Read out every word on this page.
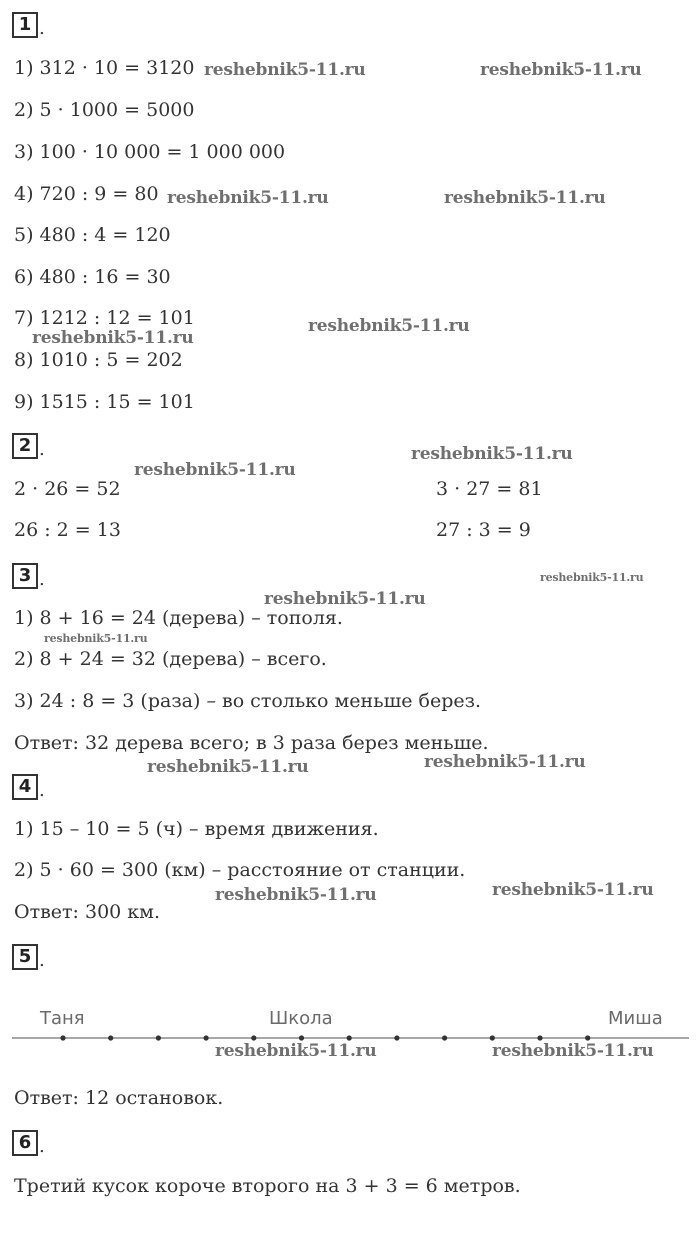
1 .
1) 312 · 10 = 3120
2) 5 · 1000 = 5000
3) 100 · 10 000 = 1 000 000
4) 720 : 9 = 80
5) 480 : 4 = 120
6) 480 : 16 = 30
7) 1212 : 12 = 101
8) 1010 : 5 = 202
9) 1515 : 15 = 101
2 .
2 · 26 = 52
26 : 2 = 13
3 · 27 = 81
27 : 3 = 9
3 .
1) 8 + 16 = 24 (дерева) – тополя.
2) 8 + 24 = 32 (дерева) – всего.
3) 24 : 8 = 3 (раза) – во столько меньше берез.
Ответ: 32 дерева всего; в 3 раза берез меньше.
4 .
1) 15 – 10 = 5 (ч) – время движения.
2) 5 · 60 = 300 (км) – расстояние от станции.
Ответ: 300 км.
5 .
Таня	Школа	Миша
Ответ: 12 остановок.
6 .
Третий кусок короче второго на 3 + 3 = 6 метров.
reshebnik5-11.ru	reshebnik5-11.ru
reshebnik5-11.ru	reshebnik5-11.ru
reshebnik5-11.ru
reshebnik5-11.ru
reshebnik5-11.ru
reshebnik5-11.ru
reshebnik5-11.ru
reshebnik5-11.ru
reshebnik5-11.ru
reshebnik5-11.ru	reshebnik5-11.ru
reshebnik5-11.ru
reshebnik5-11.ru
reshebnik5-11.ru	reshebnik5-11.ru
